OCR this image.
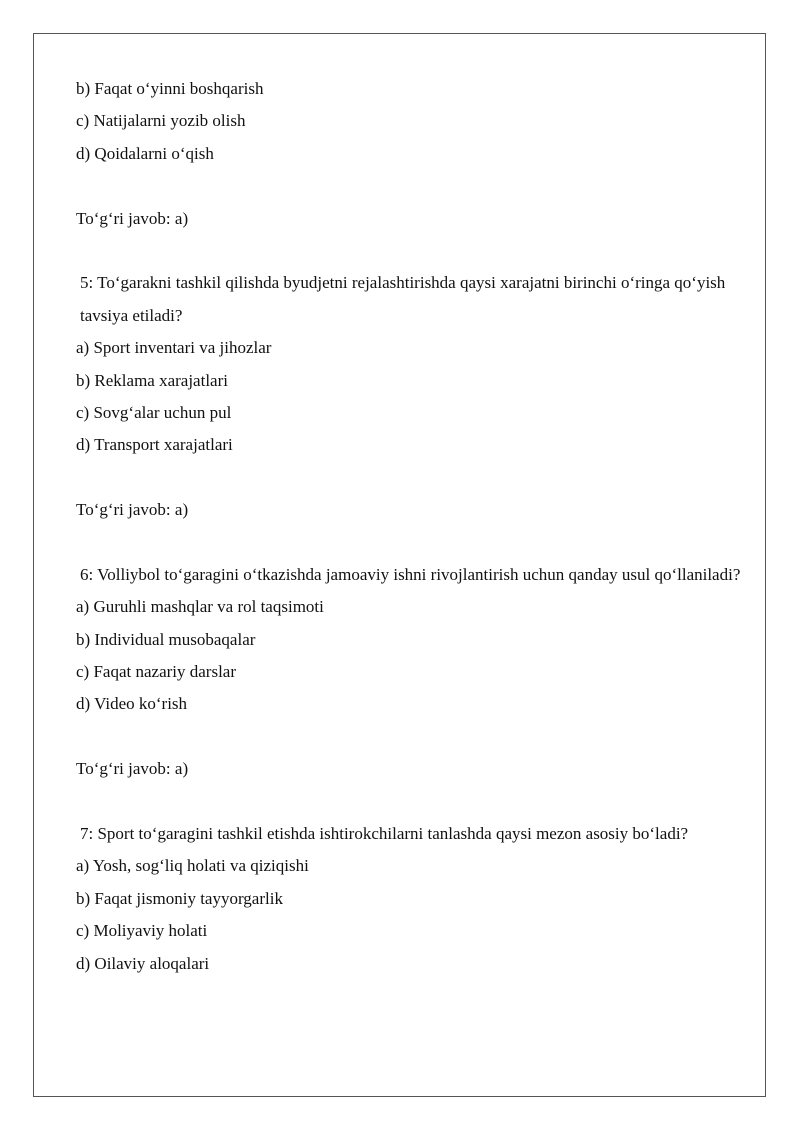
b) Faqat o‘yinni boshqarish
c) Natijalarni yozib olish
d) Qoidalarni o‘qish
To‘g‘ri javob: a)
5: To‘garakni tashkil qilishda byudjetni rejalashtirishda qaysi xarajatni birinchi o‘ringa qo‘yish tavsiya etiladi?
a) Sport inventari va jihozlar
b) Reklama xarajatlari
c) Sovg‘alar uchun pul
d) Transport xarajatlari
To‘g‘ri javob: a)
6: Volliybol to‘garagini o‘tkazishda jamoaviy ishni rivojlantirish uchun qanday usul qo‘llaniladi?
a) Guruhli mashqlar va rol taqsimoti
b) Individual musobaqalar
c) Faqat nazariy darslar
d) Video ko‘rish
To‘g‘ri javob: a)
7: Sport to‘garagini tashkil etishda ishtirokchilarni tanlashda qaysi mezon asosiy bo‘ladi?
a) Yosh, sog‘liq holati va qiziqishi
b) Faqat jismoniy tayyorgarlik
c) Moliyaviy holati
d) Oilaviy aloqalari
